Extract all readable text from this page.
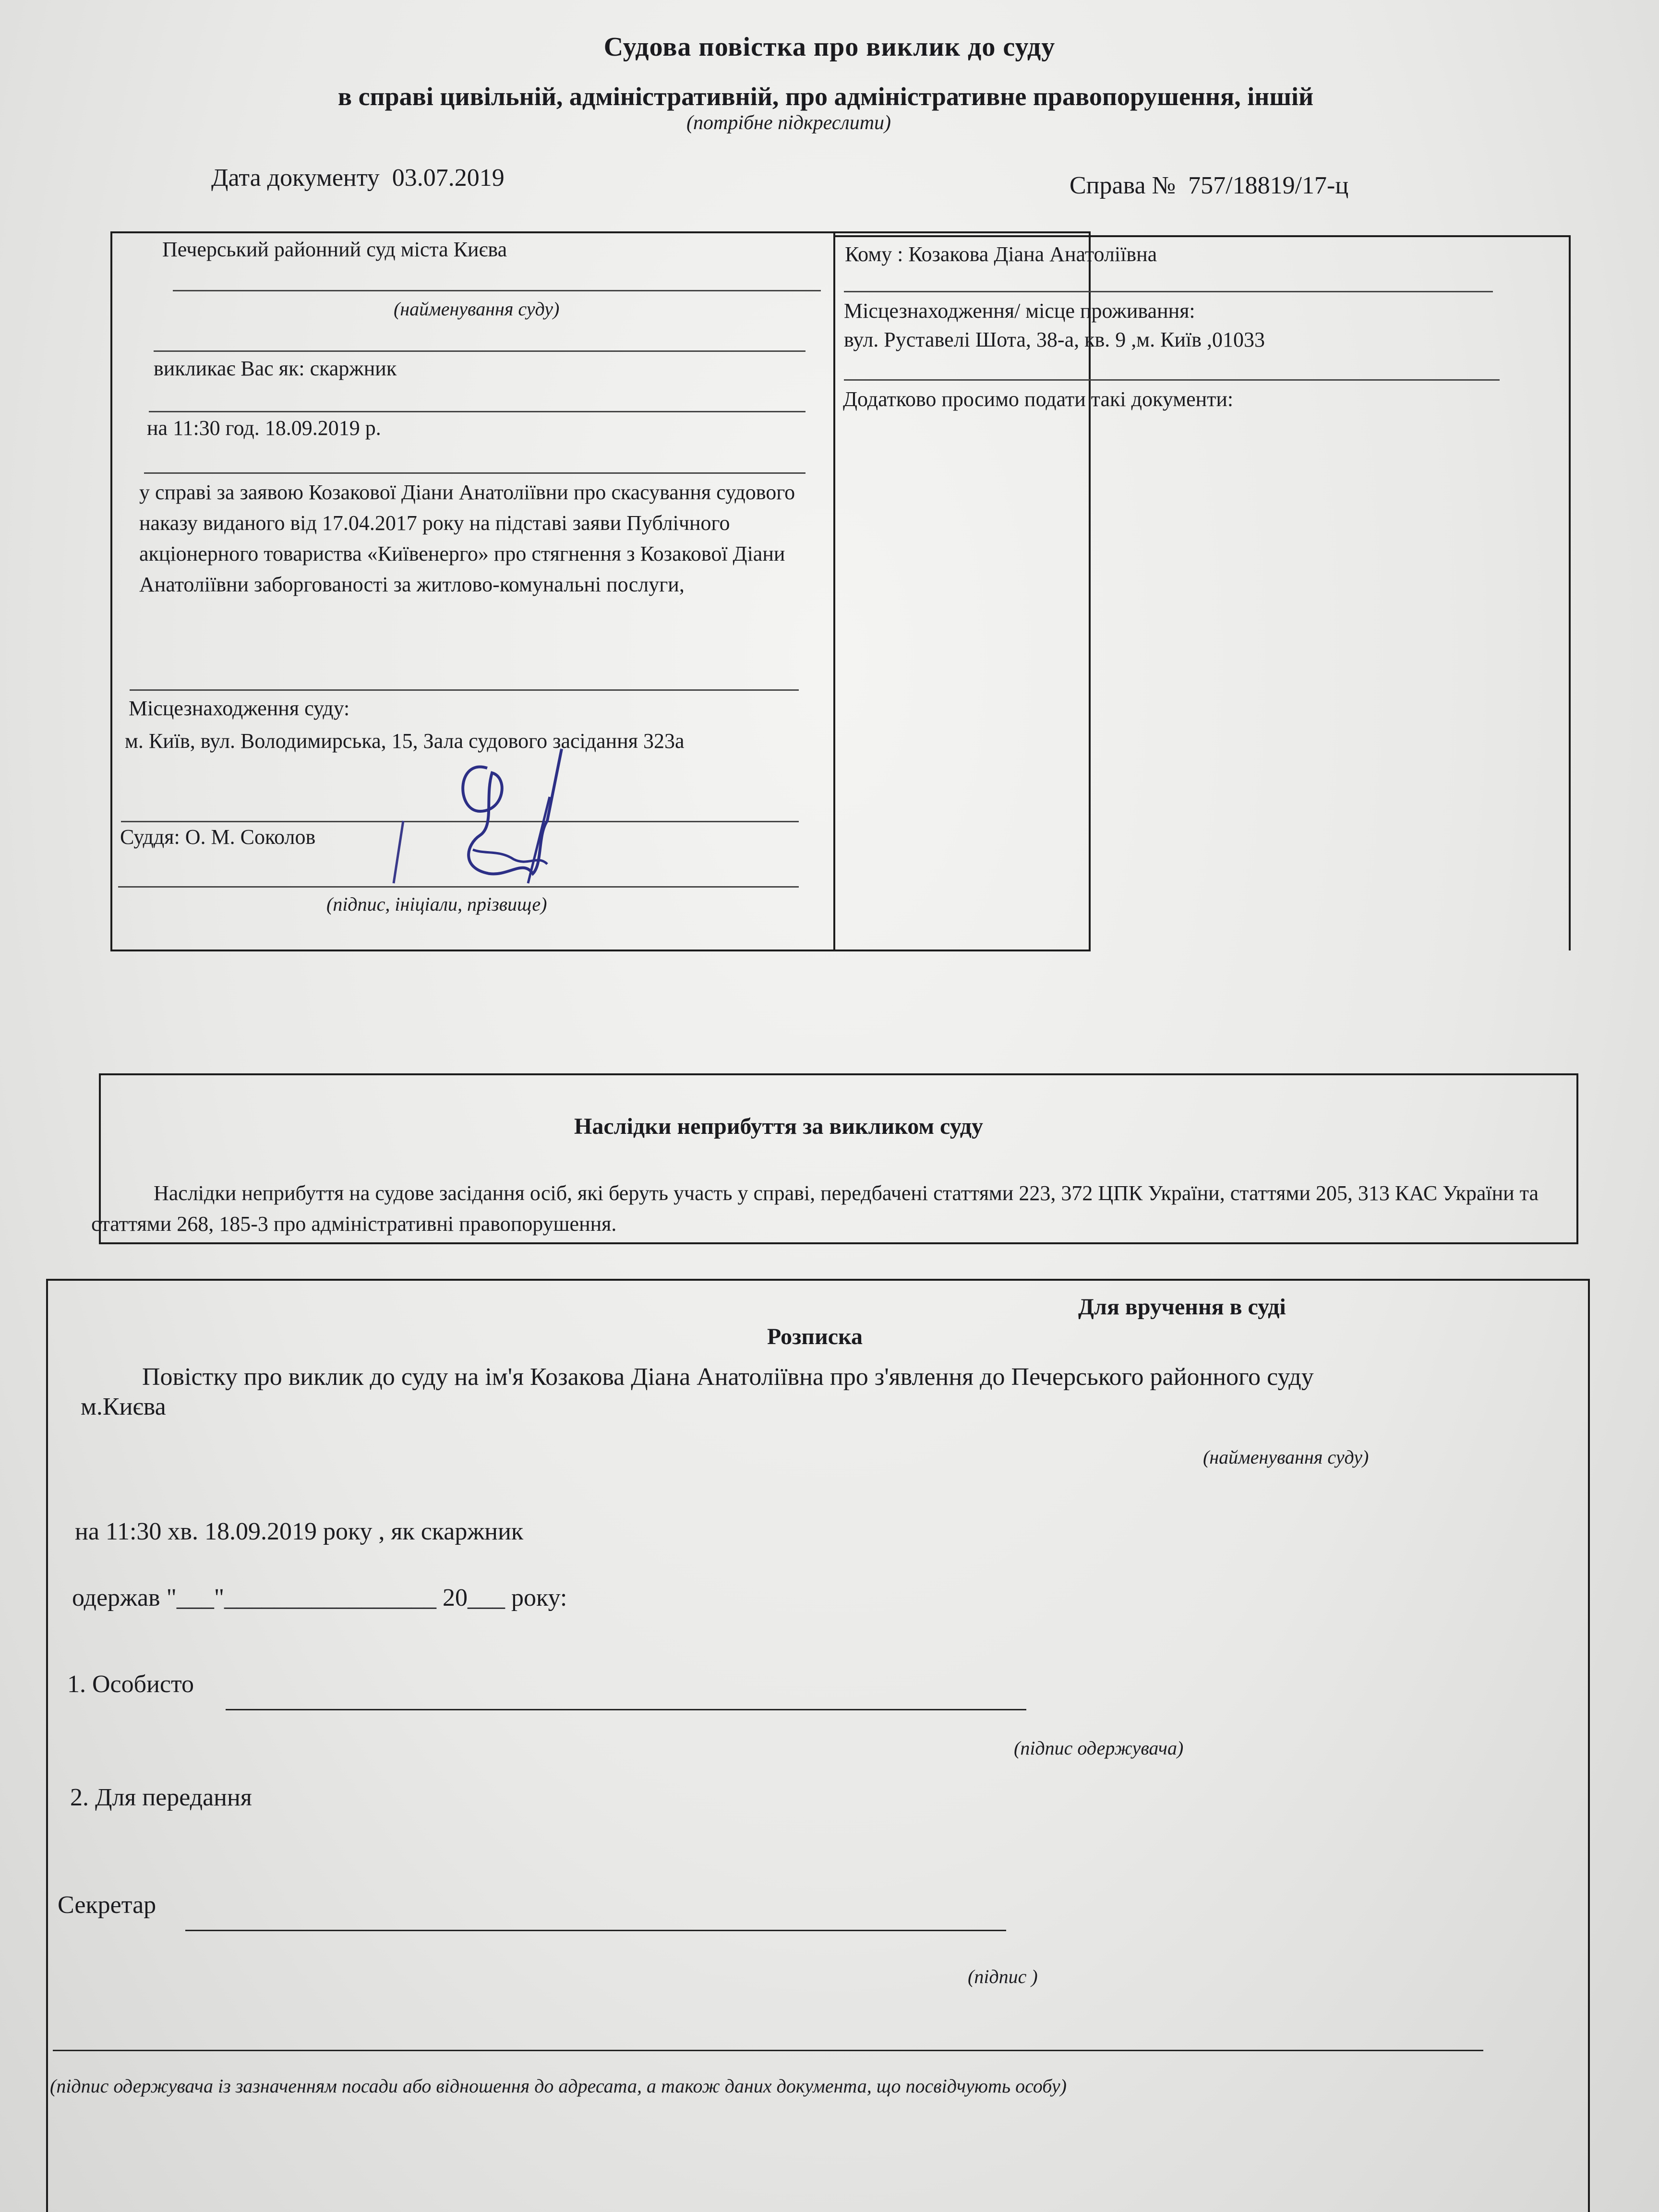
Судова повістка про виклик до суду
в справі цивільній, адміністративній, про адміністративне правопорушення, іншій
(потрібне підкреслити)
Дата документу 03.07.2019	Справа № 757/18819/17-ц
Печерський районний суд міста Києва
(найменування суду)
викликає Вас як: скаржник
на 11:30 год. 18.09.2019 р.
у справі за заявою Козакової Діани Анатоліївни про скасування судового наказу виданого від 17.04.2017 року на підставі заяви Публічного акціонерного товариства «Київенерго» про стягнення з Козакової Діани Анатоліївни заборгованості за житлово-комунальні послуги,
Місцезнаходження суду:
м. Київ, вул. Володимирська, 15, Зала судового засідання 323а
Суддя: О. М. Соколов
(підпис, ініціали, прізвище)
Кому : Козакова Діана Анатоліївна
Місцезнаходження/ місце проживання:
вул. Руставелі Шота, 38-а, кв. 9 ,м. Київ ,01033
Додатково просимо подати такі документи:
Наслідки неприбуття за викликом суду
Наслідки неприбуття на судове засідання осіб, які беруть участь у справі, передбачені статтями 223, 372 ЦПК України, статтями 205, 313 КАС України та статтями 268, 185-3 про адміністративні правопорушення.
Для вручення в суді
Розписка
Повістку про виклик до суду на ім'я Козакова Діана Анатоліївна про з'явлення до Печерського районного суду
м.Києва
(найменування суду)
на 11:30 хв. 18.09.2019 року , як скаржник
одержав "___"_________________ 20___ року:
1. Особисто
(підпис одержувача)
2. Для передання
Секретар
(підпис )
(підпис одержувача із зазначенням посади або відношення до адресата, а також даних документа, що посвідчують особу)
